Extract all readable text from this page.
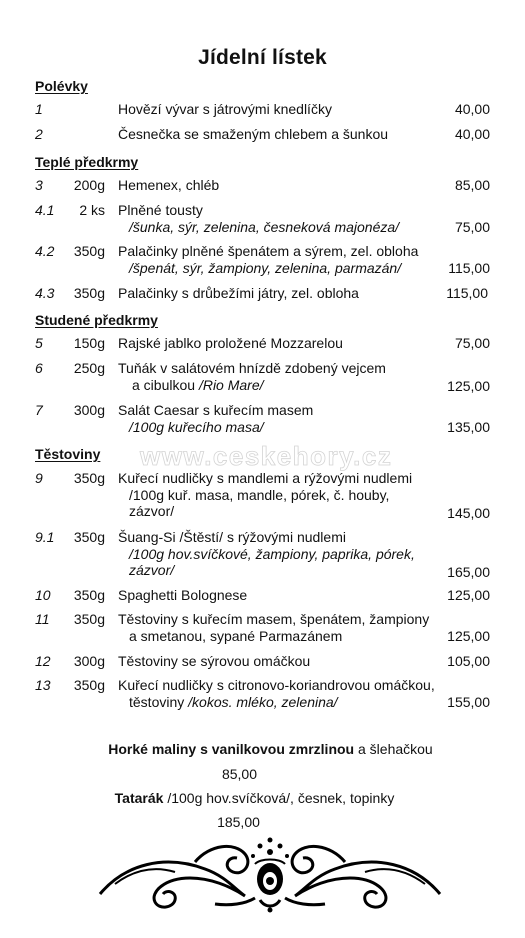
Jídelní lístek
www.ceskehory.cz
Polévky
1	Hovězí vývar s játrovými knedlíčky	40,00
2	Česnečka se smaženým chlebem a šunkou	40,00
Teplé předkrmy
3 200g Hemenex, chléb	85,00
4.1 2 ks Plněné tousty
/šunka, sýr, zelenina, česneková majonéza/	75,00
4.2 350g Palačinky plněné špenátem a sýrem, zel. obloha
/špenát, sýr, žampiony, zelenina, parmazán/	115,00
4.3 350g Palačinky s drůbežími játry, zel. obloha	115,00
Studené předkrmy
5 150g Rajské jablko proložené Mozzarelou	75,00
6 250g Tuňák v salátovém hnízdě zdobený vejcem
a cibulkou /Rio Mare/	125,00
7 300g Salát Caesar s kuřecím masem
/100g kuřecího masa/	135,00
Těstoviny
9 350g Kuřecí nudličky s mandlemi a rýžovými nudlemi
/100g kuř. masa, mandle, pórek, č. houby,
zázvor/	145,00
9.1 350g Šuang-Si /Štěstí/ s rýžovými nudlemi
/100g hov.svíčkové, žampiony, paprika, pórek,
zázvor/	165,00
10 350g Spaghetti Bolognese	125,00
11 350g Těstoviny s kuřecím masem, špenátem, žampiony
a smetanou, sypané Parmazánem	125,00
12 300g Těstoviny se sýrovou omáčkou	105,00
13 350g Kuřecí nudličky s citronovo-koriandrovou omáčkou,
těstoviny /kokos. mléko, zelenina/	155,00
Horké maliny s vanilkovou zmrzlinou a šlehačkou
85,00
Tatarák /100g hov.svíčková/, česnek, topinky
185,00
